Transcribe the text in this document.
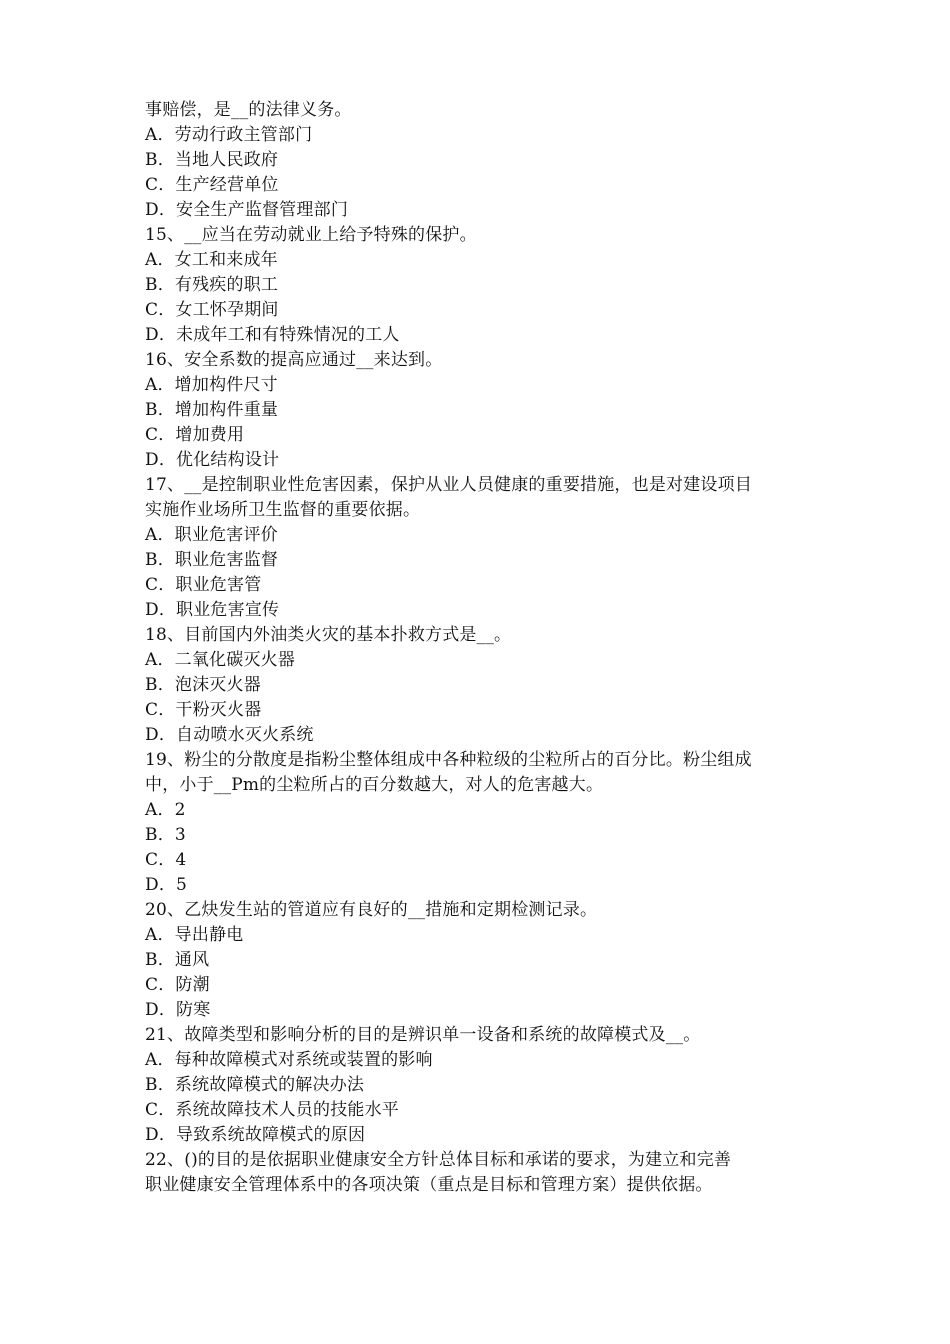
事赔偿，是__的法律义务。

A．劳动行政主管部门

B．当地人民政府

C．生产经营单位

D．安全生产监督管理部门

15、__应当在劳动就业上给予特殊的保护。

A．女工和来成年

B．有残疾的职工

C．女工怀孕期间

D．未成年工和有特殊情况的工人

16、安全系数的提高应通过__来达到。

A．增加构件尺寸

B．增加构件重量

C．增加费用

D．优化结构设计

17、__是控制职业性危害因素，保护从业人员健康的重要措施，也是对建设项目

实施作业场所卫生监督的重要依据。

A．职业危害评价

B．职业危害监督

C．职业危害管

D．职业危害宣传

18、目前国内外油类火灾的基本扑救方式是__。

A．二氧化碳灭火器

B．泡沫灭火器

C．干粉灭火器

D．自动喷水灭火系统

19、粉尘的分散度是指粉尘整体组成中各种粒级的尘粒所占的百分比。粉尘组成

中，小于__Pm的尘粒所占的百分数越大，对人的危害越大。

A．2

B．3

C．4

D．5

20、乙炔发生站的管道应有良好的__措施和定期检测记录。

A．导出静电

B．通风

C．防潮

D．防寒

21、故障类型和影响分析的目的是辨识单一设备和系统的故障模式及__。

A．每种故障模式对系统或装置的影响

B．系统故障模式的解决办法

C．系统故障技术人员的技能水平

D．导致系统故障模式的原因

22、()的目的是依据职业健康安全方针总体目标和承诺的要求，为建立和完善

职业健康安全管理体系中的各项决策（重点是目标和管理方案）提供依据。
